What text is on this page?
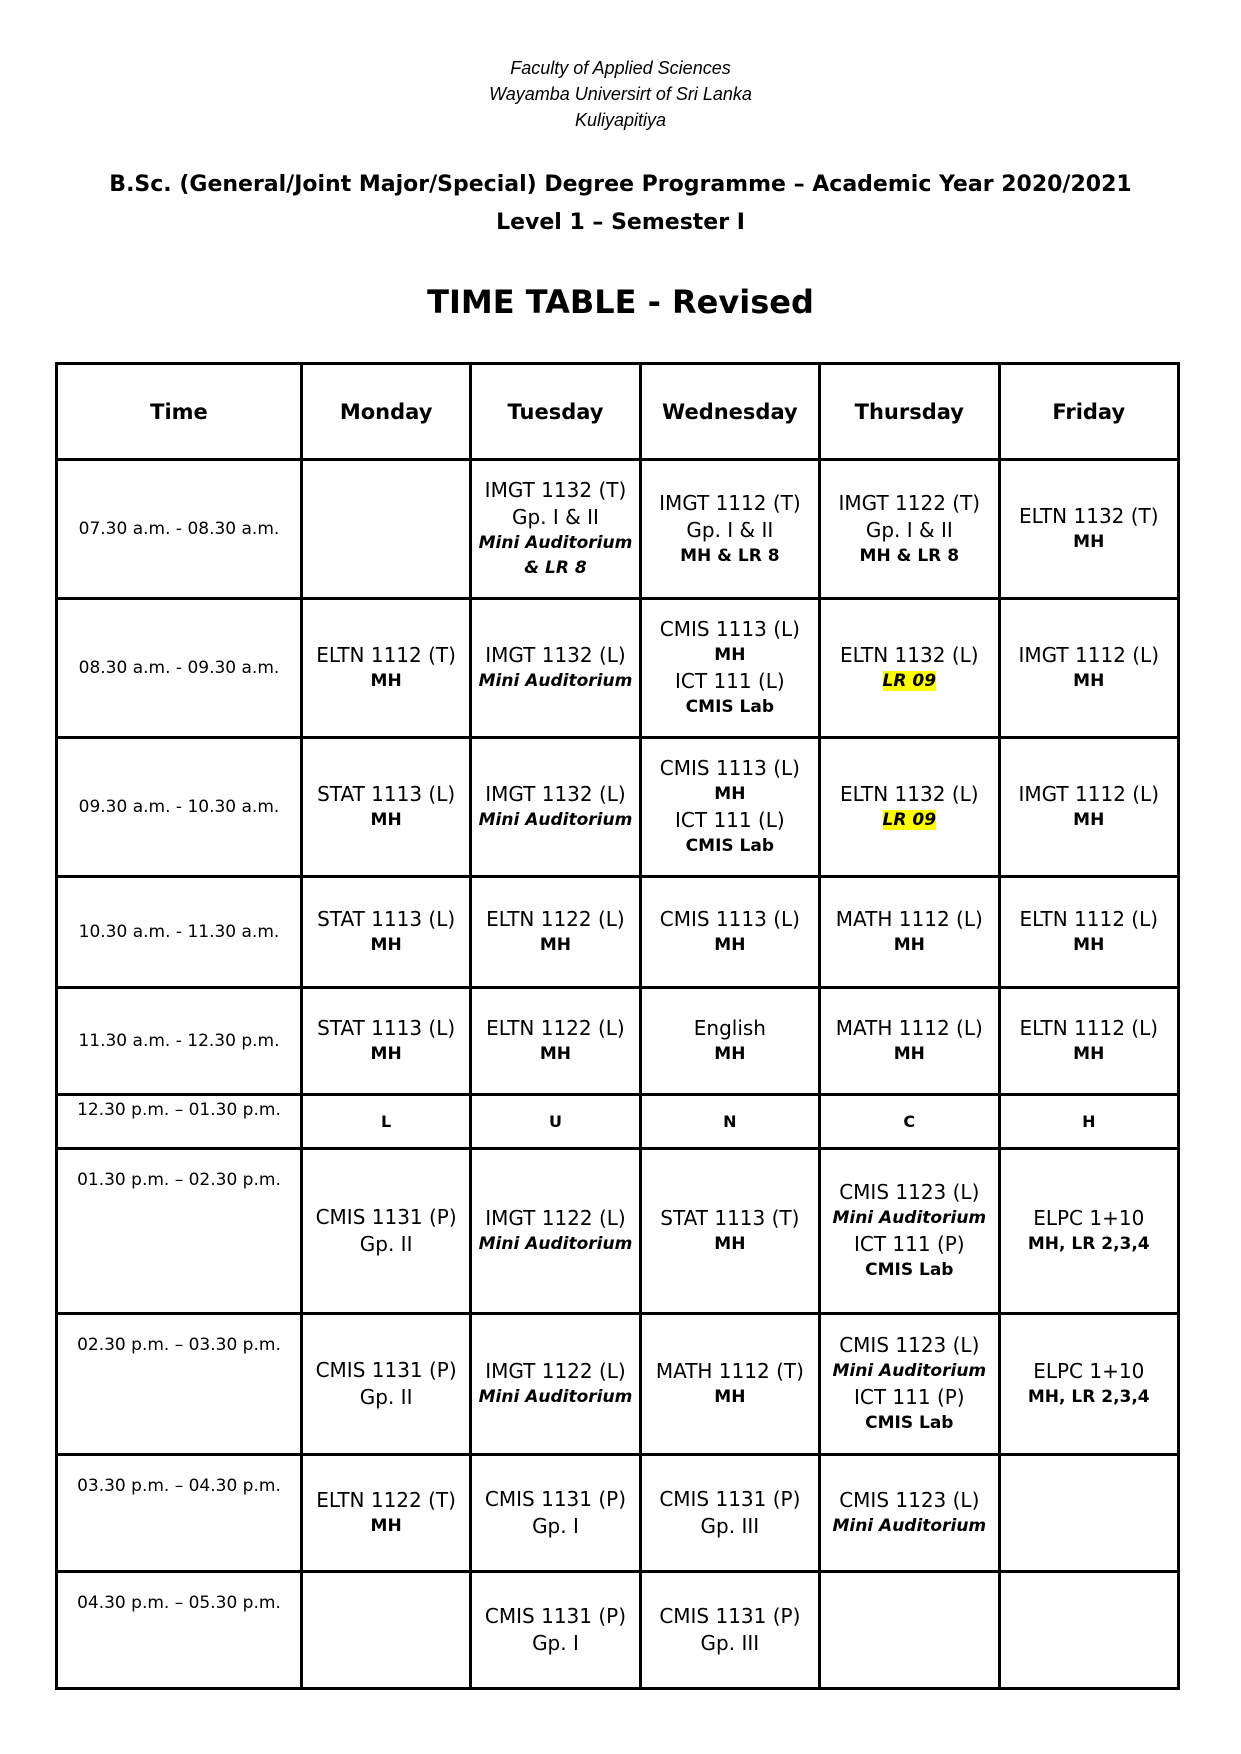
Faculty of Applied Sciences
Wayamba Universirt of Sri Lanka
Kuliyapitiya
B.Sc. (General/Joint Major/Special) Degree Programme – Academic Year 2020/2021
Level 1 – Semester I
TIME TABLE - Revised
Time	Monday	Tuesday	Wednesday	Thursday	Friday
07.30 a.m. - 08.30 a.m.		IMGT 1132 (T)
Gp. I & II
Mini Auditorium & LR 8	IMGT 1112 (T)
Gp. I & II
MH & LR 8	IMGT 1122 (T)
Gp. I & II
MH & LR 8	ELTN 1132 (T)
MH

08.30 a.m. - 09.30 a.m.	ELTN 1112 (T)
MH	IMGT 1132 (L)
Mini Auditorium	CMIS 1113 (L)
MH
ICT 111 (L)
CMIS Lab	ELTN 1132 (L)
LR 09	IMGT 1112 (L)
MH

09.30 a.m. - 10.30 a.m.	STAT 1113 (L)
MH	IMGT 1132 (L)
Mini Auditorium	CMIS 1113 (L)
MH
ICT 111 (L)
CMIS Lab	ELTN 1132 (L)
LR 09	IMGT 1112 (L)
MH

10.30 a.m. - 11.30 a.m.	STAT 1113 (L)
MH	ELTN 1122 (L)
MH	CMIS 1113 (L)
MH	MATH 1112 (L)
MH	ELTN 1112 (L)
MH

11.30 a.m. - 12.30 p.m.	STAT 1113 (L)
MH	ELTN 1122 (L)
MH	English
MH	MATH 1112 (L)
MH	ELTN 1112 (L)
MH

12.30 p.m. – 01.30 p.m.	L	U	N	C	H
01.30 p.m. – 02.30 p.m.	CMIS 1131 (P)
Gp. II	IMGT 1122 (L)
Mini Auditorium	STAT 1113 (T)
MH	CMIS 1123 (L)
Mini Auditorium
ICT 111 (P)
CMIS Lab	ELPC 1+10
MH, LR 2,3,4

02.30 p.m. – 03.30 p.m.	CMIS 1131 (P)
Gp. II	IMGT 1122 (L)
Mini Auditorium	MATH 1112 (T)
MH	CMIS 1123 (L)
Mini Auditorium
ICT 111 (P)
CMIS Lab	ELPC 1+10
MH, LR 2,3,4

03.30 p.m. – 04.30 p.m.	ELTN 1122 (T)
MH	CMIS 1131 (P)
Gp. I	CMIS 1131 (P)
Gp. III	CMIS 1123 (L)
Mini Auditorium	

04.30 p.m. – 05.30 p.m.		CMIS 1131 (P)
Gp. I	CMIS 1131 (P)
Gp. III		
